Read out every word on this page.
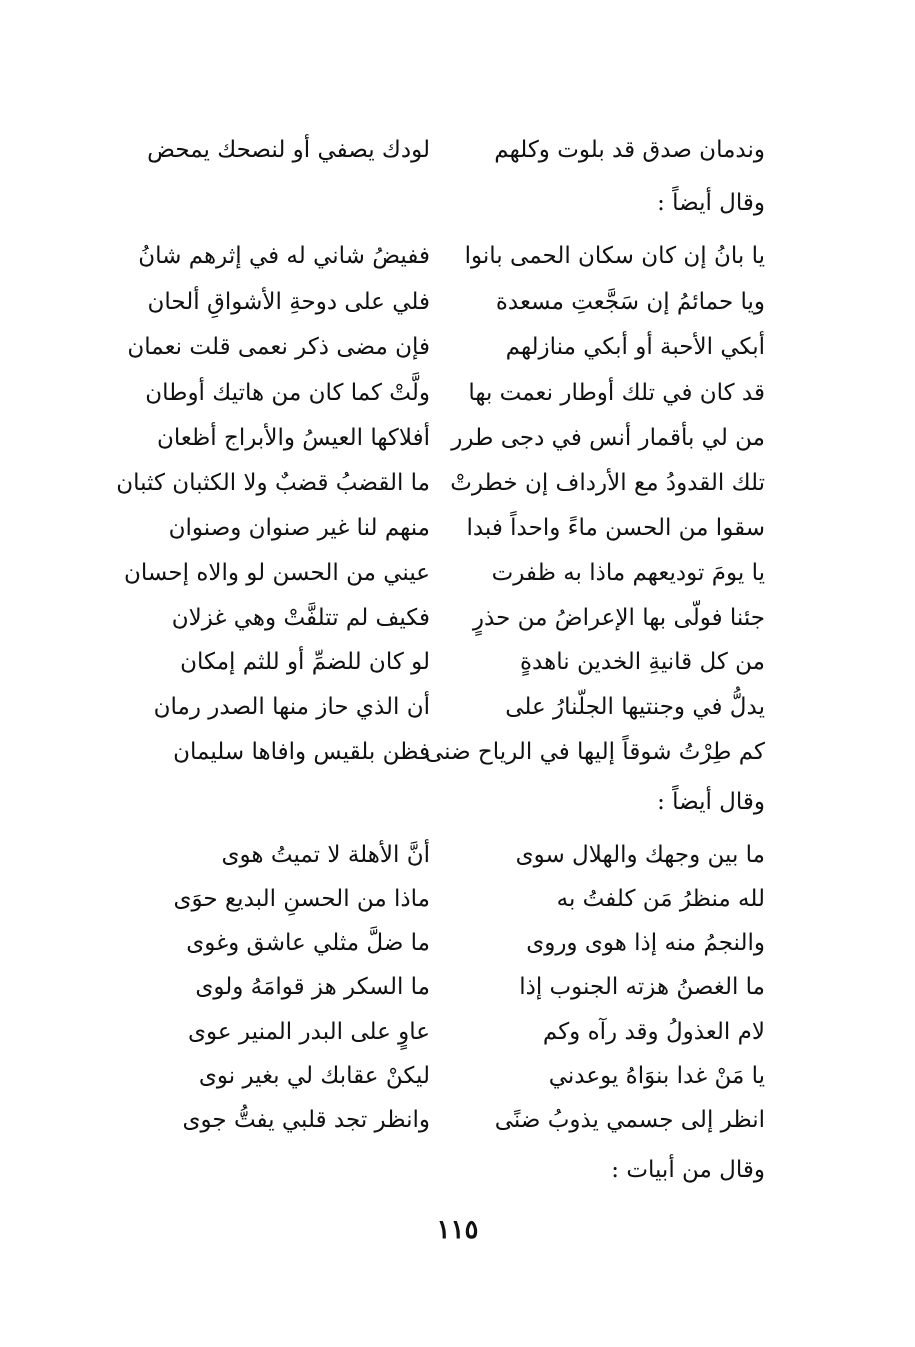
وندمان صدق قد بلوت وكلهم
لودك يصفي أو لنصحك يمحض
وقال أيضاً :
يا بانُ إن كان سكان الحمى بانوا
ففيضُ شاني له في إثرهم شانُ
ويا حمائمُ إن سَجَّعتِ مسعدة
فلي على دوحةِ الأشواقِ ألحان
أبكي الأحبة أو أبكي منازلهم
فإن مضى ذكر نعمى قلت نعمان
قد كان في تلك أوطار نعمت بها
ولَّتْ كما كان من هاتيك أوطان
من لي بأقمار أنس في دجى طرر
أفلاكها العيسُ والأبراج أظعان
تلك القدودُ مع الأرداف إن خطرتْ
ما القضبُ قضبٌ ولا الكثبان كثبان
سقوا من الحسن ماءً واحداً فبدا
منهم لنا غير صنوان وصنوان
يا يومَ توديعهم ماذا به ظفرت
عيني من الحسن لو والاه إحسان
جئنا فولّى بها الإعراضُ من حذرٍ
فكيف لم تتلفَّتْ وهي غزلان
من كل قانيةِ الخدين ناهدةٍ
لو كان للضمِّ أو للثم إمكان
يدلُّ في وجنتيها الجلّنارُ على
أن الذي حاز منها الصدر رمان
كم طِرْتُ شوقاً إليها في الرياح ضنى
فظن بلقيس وافاها سليمان
وقال أيضاً :
ما بين وجهك والهلال سوى
أنَّ الأهلة لا تميتُ هوى
لله منظرُ مَن كلفتُ به
ماذا من الحسنِ البديع حوَى
والنجمُ منه إذا هوى وروى
ما ضلَّ مثلي عاشق وغوى
ما الغصنُ هزته الجنوب إذا
ما السكر هز قوامَهُ ولوى
لام العذولُ وقد رآه وكم
عاوٍ على البدر المنير عوى
يا مَنْ غدا بنوَاهُ يوعدني
ليكنْ عقابك لي بغير نوى
انظر إلى جسمي يذوبُ ضنًى
وانظر تجد قلبي يفتُّ جوى
وقال من أبيات :
١١٥
